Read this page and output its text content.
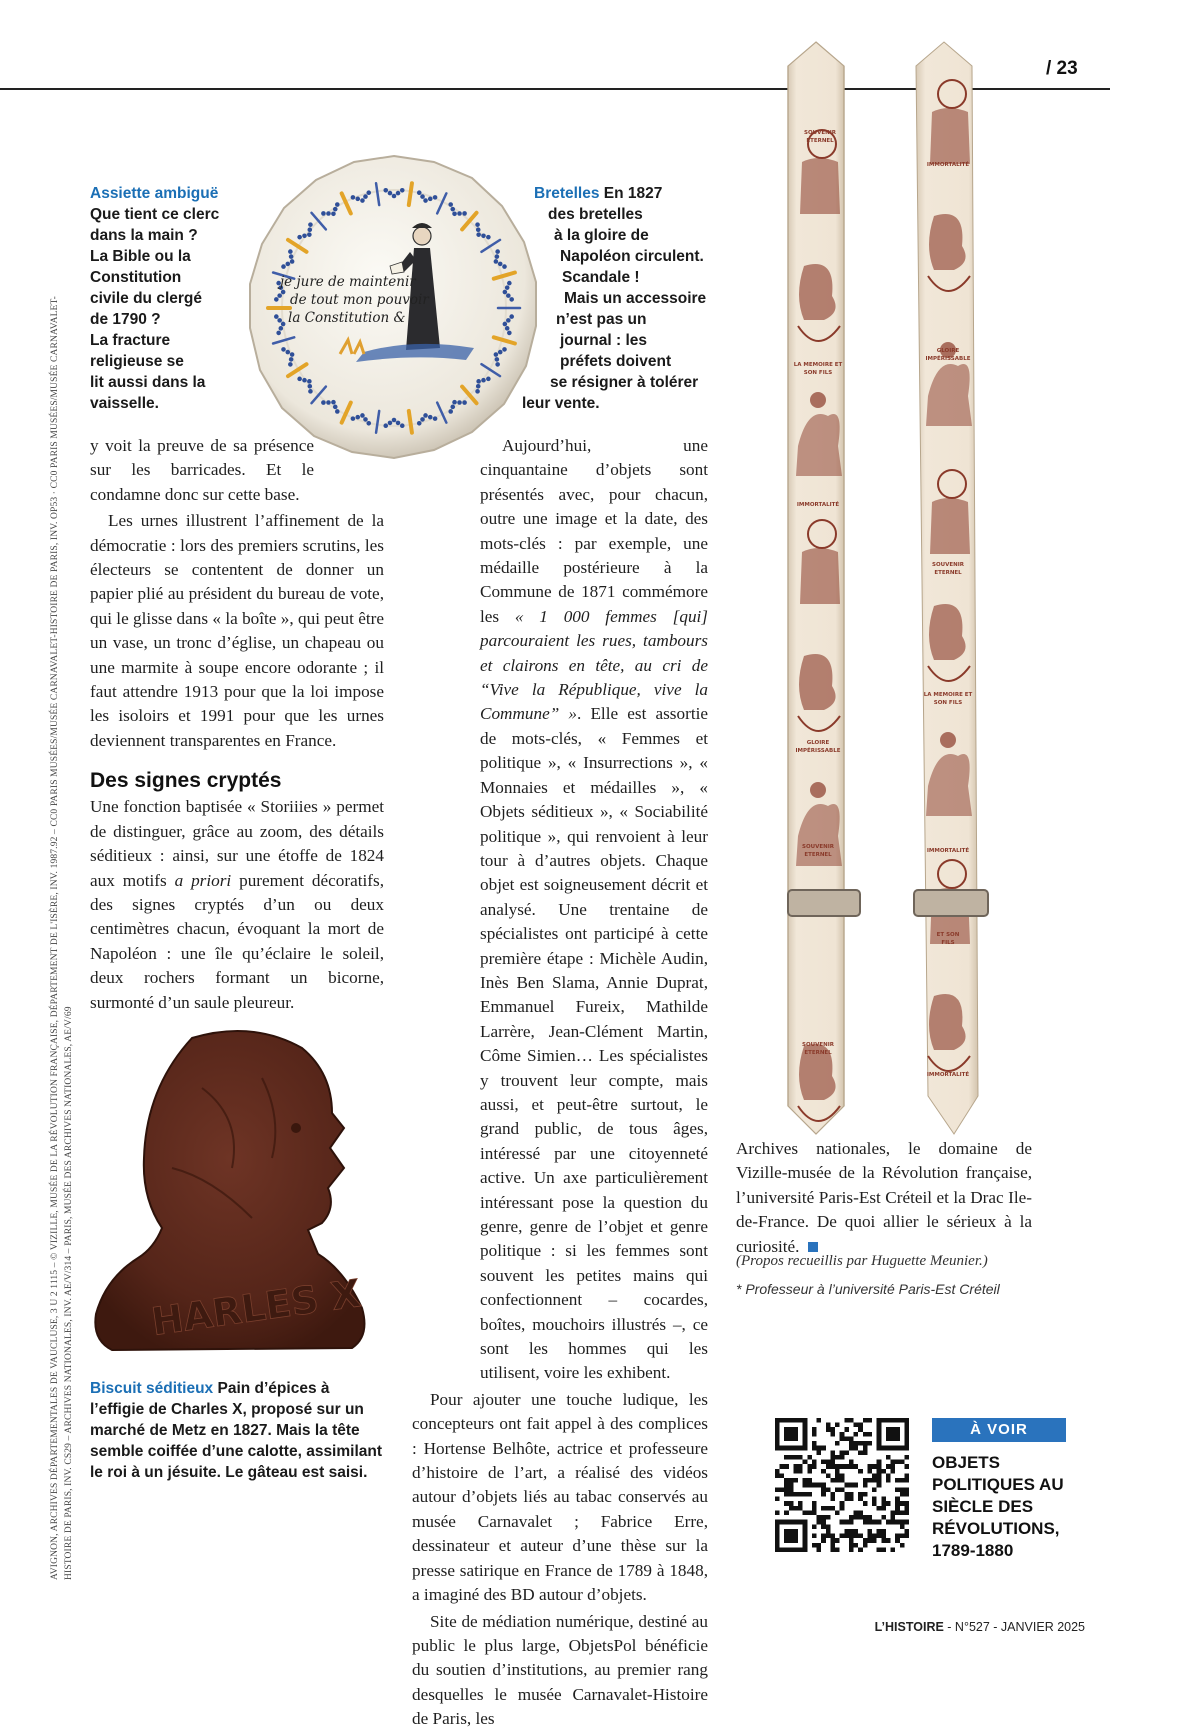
/ 23
AVIGNON, ARCHIVES DÉPARTEMENTALES DE VAUCLUSE, 3 U 2 1115 – © VIZILLE, MUSÉE DE LA RÉVOLUTION FRANÇAISE, DÉPARTEMENT DE L'ISÈRE, INV. 1987.92 – CC0 PARIS MUSÉES/MUSÉE CARNAVALET-HISTOIRE DE PARIS, INV. OP53 · CC0 PARIS MUSÉES/MUSÉE CARNAVALET-HISTOIRE DE PARIS, INV. CS29 – ARCHIVES NATIONALES, INV. AE/V/314 – PARIS, MUSÉE DES ARCHIVES NATIONALES, AE/V/69
Assiette ambiguë
Que tient ce clerc
dans la main ?
La Bible ou la
Constitution
civile du clergé
de 1790 ?
La fracture
religieuse se
lit aussi dans la
vaisselle.
je jure de maintenir
de tout mon pouvoir
la Constitution &
Bretelles En 1827
des bretelles
à la gloire de
Napoléon circulent.
Scandale !
Mais un accessoire
n’est pas un
journal : les
préfets doivent
se résigner à tolérer
leur vente.

y voit la preuve de sa présence sur les barricades. Et le condamne donc sur cette base.

Les urnes illustrent l’affinement de la démocratie : lors des premiers scrutins, les électeurs se contentent de donner un papier plié au président du bureau de vote, qui le glisse dans « la boîte », qui peut être un vase, un tronc d’église, un chapeau ou une marmite à soupe encore odorante ; il faut attendre 1913 pour que la loi impose les isoloirs et 1991 pour que les urnes deviennent transparentes en France.

Des signes cryptés

Une fonction baptisée « Storiiies » permet de distinguer, grâce au zoom, des détails séditieux : ainsi, sur une étoffe de 1824 aux motifs a priori purement décoratifs, des signes cryptés d’un ou deux centimètres chacun, évoquant la mort de Napoléon : une île qu’éclaire le soleil, deux rochers formant un bicorne, surmonté d’un saule pleureur.

HARLES X
Biscuit séditieux Pain d’épices à l’effigie de Charles X, proposé sur un marché de Metz en 1827. Mais la tête semble coiffée d’une calotte, assimilant le roi à un jésuite. Le gâteau est saisi.

Aujourd’hui, une cinquantaine d’objets sont présentés avec, pour chacun, outre une image et la date, des mots-clés : par exemple, une médaille postérieure à la Commune de 1871 commémore les « 1 000 femmes [qui] parcouraient les rues, tambours et clairons en tête, au cri de “Vive la République, vive la Commune” ». Elle est assortie de mots-clés, « Femmes et politique », « Insurrections », « Monnaies et médailles », « Objets séditieux », « Sociabilité politique », qui renvoient à leur tour à d’autres objets. Chaque objet est soigneusement décrit et analysé. Une trentaine de spécialistes ont participé à cette première étape : Michèle Audin, Inès Ben Slama, Annie Duprat, Emmanuel Fureix, Mathilde Larrère, Jean-Clément Martin, Côme Simien… Les spécialistes y trouvent leur compte, mais aussi, et peut-être surtout, le grand public, de tous âges, intéressé par une citoyenneté active. Un axe particulièrement intéressant pose la question du genre, genre de l’objet et genre politique : si les femmes sont souvent les petites mains qui confectionnent – cocardes, boîtes, mouchoirs illustrés –, ce sont les hommes qui les utilisent, voire les exhibent.

Pour ajouter une touche ludique, les concepteurs ont fait appel à des complices : Hortense Belhôte, actrice et professeure d’histoire de l’art, a réalisé des vidéos autour d’objets liés au tabac conservés au musée Carnavalet ; Fabrice Erre, dessinateur et auteur d’une thèse sur la presse satirique en France de 1789 à 1848, a imaginé des BD autour d’objets.

Site de médiation numérique, destiné au public le plus large, ObjetsPol bénéficie du soutien d’institutions, au premier rang desquelles le musée Carnavalet-Histoire de Paris, les

SOUVENIR
ETERNEL
IMMORTALITÉ
LA MEMOIRE ET
SON FILS
GLOIRE
IMPÉRISSABLE
IMMORTALITÉ
SOUVENIR
ETERNEL
GLOIRE
IMPÉRISSABLE
LA MEMOIRE ET
SON FILS
SOUVENIR
ETERNEL
IMMORTALITÉ
ET SON
FILS
SOUVENIR
ETERNEL
IMMORTALITÉ
Archives nationales, le domaine de Vizille-musée de la Révolution française, l’université Paris-Est Créteil et la Drac Ile-de-France. De quoi allier le sérieux à la curiosité.
(Propos recueillis par Huguette Meunier.)
* Professeur à l’université Paris-Est Créteil
À VOIR
OBJETS POLITIQUES AU SIÈCLE DES RÉVOLUTIONS, 1789-1880
L’HISTOIRE - N°527 - JANVIER 2025
